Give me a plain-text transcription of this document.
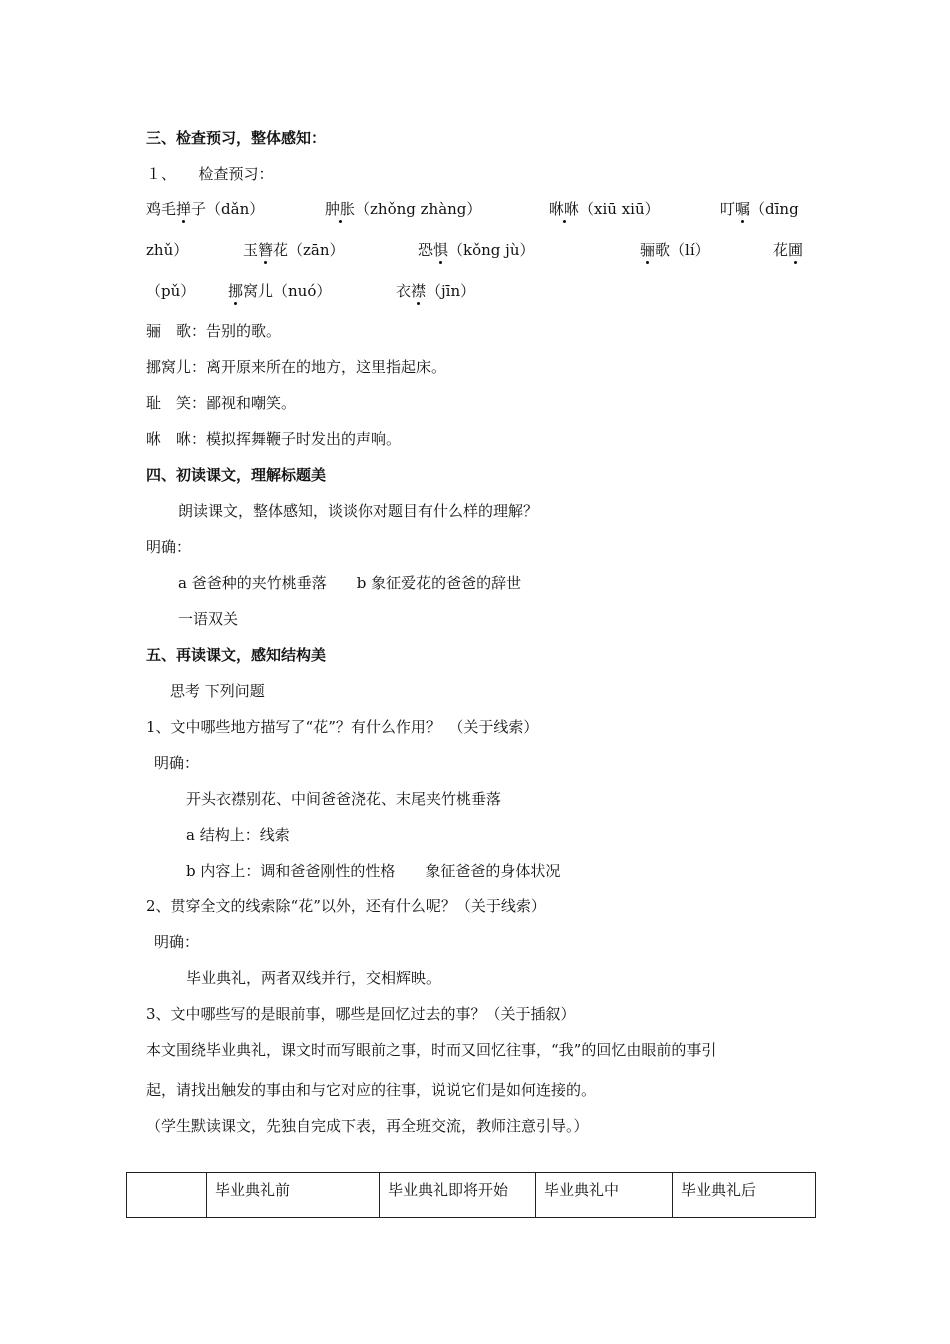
三、检查预习，整体感知：
１、　　检查预习：
鸡毛掸子（dǎn）	肿胀（zhǒng zhàng）	咻咻（xiū xiū）	叮嘱（dīng
zhǔ）	玉簪花（zān）	恐惧（kǒng jù）	骊歌（lí）	花圃
（pǔ） 挪窝儿（nuó）	衣襟（jīn）
骊　歌：告别的歌。
挪窝儿：离开原来所在的地方，这里指起床。
耻　笑：鄙视和嘲笑。
咻　咻：模拟挥舞鞭子时发出的声响。
四、初读课文，理解标题美
朗读课文，整体感知，谈谈你对题目有什么样的理解？
明确：
a 爸爸种的夹竹桃垂落　　b 象征爱花的爸爸的辞世
一语双关
五、再读课文，感知结构美
思考 下列问题
1、文中哪些地方描写了“花”？有什么作用？　（关于线索）
明确：
开头衣襟别花、中间爸爸浇花、末尾夹竹桃垂落
a 结构上：线索
b 内容上：调和爸爸刚性的性格　　象征爸爸的身体状况
2、贯穿全文的线索除“花”以外，还有什么呢？（关于线索）
明确：
毕业典礼，两者双线并行，交相辉映。
3、文中哪些写的是眼前事，哪些是回忆过去的事？（关于插叙）
本文围绕毕业典礼，课文时而写眼前之事，时而又回忆往事，“我”的回忆由眼前的事引
起，请找出触发的事由和与它对应的往事，说说它们是如何连接的。
（学生默读课文，先独自完成下表，再全班交流，教师注意引导。）
	毕业典礼前	毕业典礼即将开始	毕业典礼中	毕业典礼后
